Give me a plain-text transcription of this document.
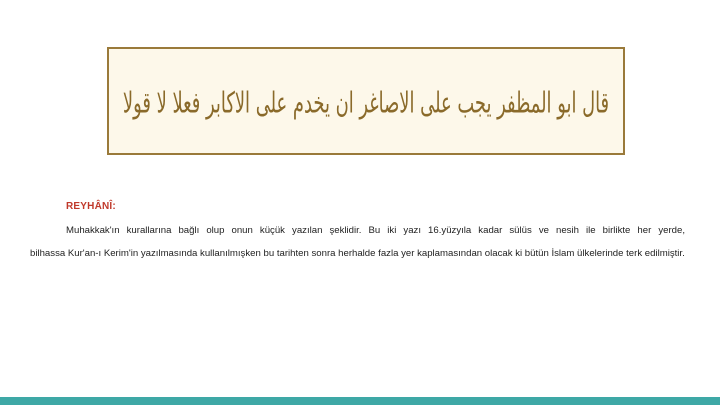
قال ابو المظفر يجب على الاصاغر ان يخدم على الاكابر فعلا لا قولا
REYHÂNÎ:
Muhakkak'ın kurallarına bağlı olup onun küçük yazılan şeklidir. Bu iki yazı 16.yüzyıla kadar sülüs ve nesih ile birlikte her yerde,
bilhassa Kur'an-ı Kerim'in yazılmasında kullanılmışken bu tarihten sonra herhalde fazla yer kaplamasından olacak ki bütün İslam ülkelerinde terk edilmiştir.
